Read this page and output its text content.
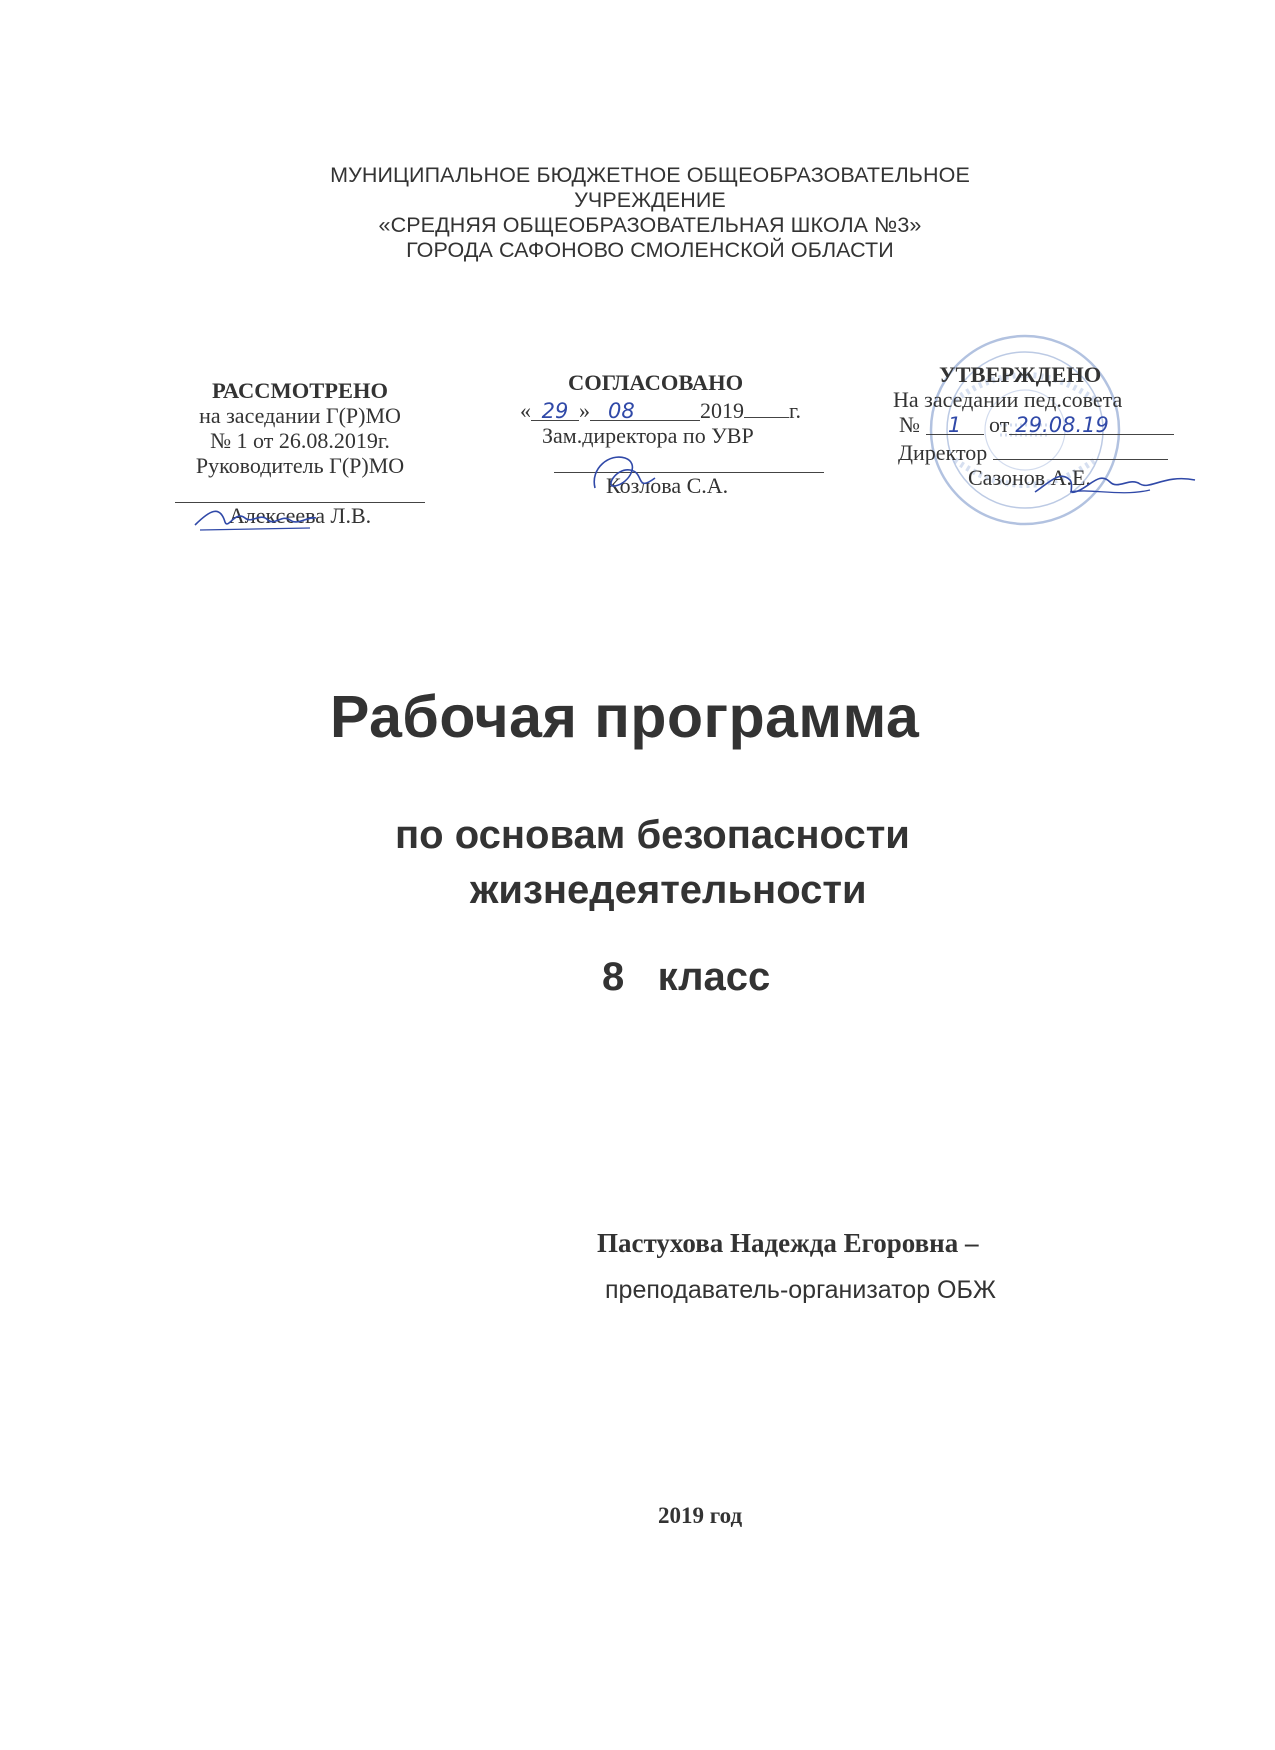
МУНИЦИПАЛЬНОЕ БЮДЖЕТНОЕ ОБЩЕОБРАЗОВАТЕЛЬНОЕ
УЧРЕЖДЕНИЕ
«СРЕДНЯЯ ОБЩЕОБРАЗОВАТЕЛЬНАЯ ШКОЛА №3»
ГОРОДА САФОНОВО СМОЛЕНСКОЙ ОБЛАСТИ
РАССМОТРЕНО
на заседании Г(Р)МО
№ 1 от 26.08.2019г.
Руководитель Г(Р)МО
Алексеева Л.В.
СОГЛАСОВАНО
« 29 » 08	2019 г.
Зам.директора по УВР
Козлова С.А.
УТВЕРЖДЕНО
На заседании пед.совета
№ 1 от 29.08.19
Директор
Сазонов А.Е.
Рабочая программа
по основам безопасности
жизнедеятельности
8   класс
Пастухова Надежда Егоровна –
преподаватель-организатор ОБЖ
2019 год
